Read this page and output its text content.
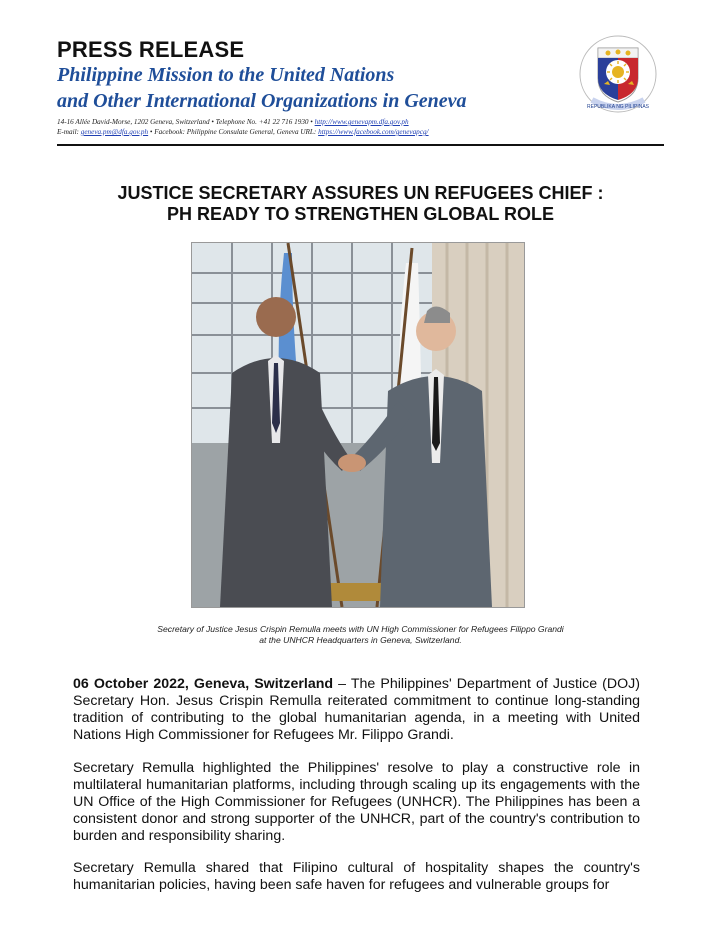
PRESS RELEASE
Philippine Mission to the United Nations
and Other International Organizations in Geneva
14-16 Allée David-Morse, 1202 Geneva, Switzerland • Telephone No. +41 22 716 1930 • http://www.genevapm.dfa.gov.ph
E-mail: geneva.pm@dfa.gov.ph • Facebook: Philippine Consulate General, Geneva URL: https://www.facebook.com/genevapcg/
REPUBLIKA NG PILIPINAS
JUSTICE SECRETARY ASSURES UN REFUGEES CHIEF :
PH READY TO STRENGTHEN GLOBAL ROLE
Secretary of Justice Jesus Crispin Remulla meets with UN High Commissioner for Refugees Filippo Grandi
at the UNHCR Headquarters in Geneva, Switzerland.
06 October 2022, Geneva, Switzerland – The Philippines' Department of Justice (DOJ) Secretary Hon. Jesus Crispin Remulla reiterated commitment to continue long-standing tradition of contributing to the global humanitarian agenda, in a meeting with United Nations High Commissioner for Refugees Mr. Filippo Grandi.
Secretary Remulla highlighted the Philippines' resolve to play a constructive role in multilateral humanitarian platforms, including through scaling up its engagements with the UN Office of the High Commissioner for Refugees (UNHCR). The Philippines has been a consistent donor and strong supporter of the UNHCR, part of the country's contribution to burden and responsibility sharing.
Secretary Remulla shared that Filipino cultural of hospitality shapes the country's humanitarian policies, having been safe haven for refugees and vulnerable groups for
